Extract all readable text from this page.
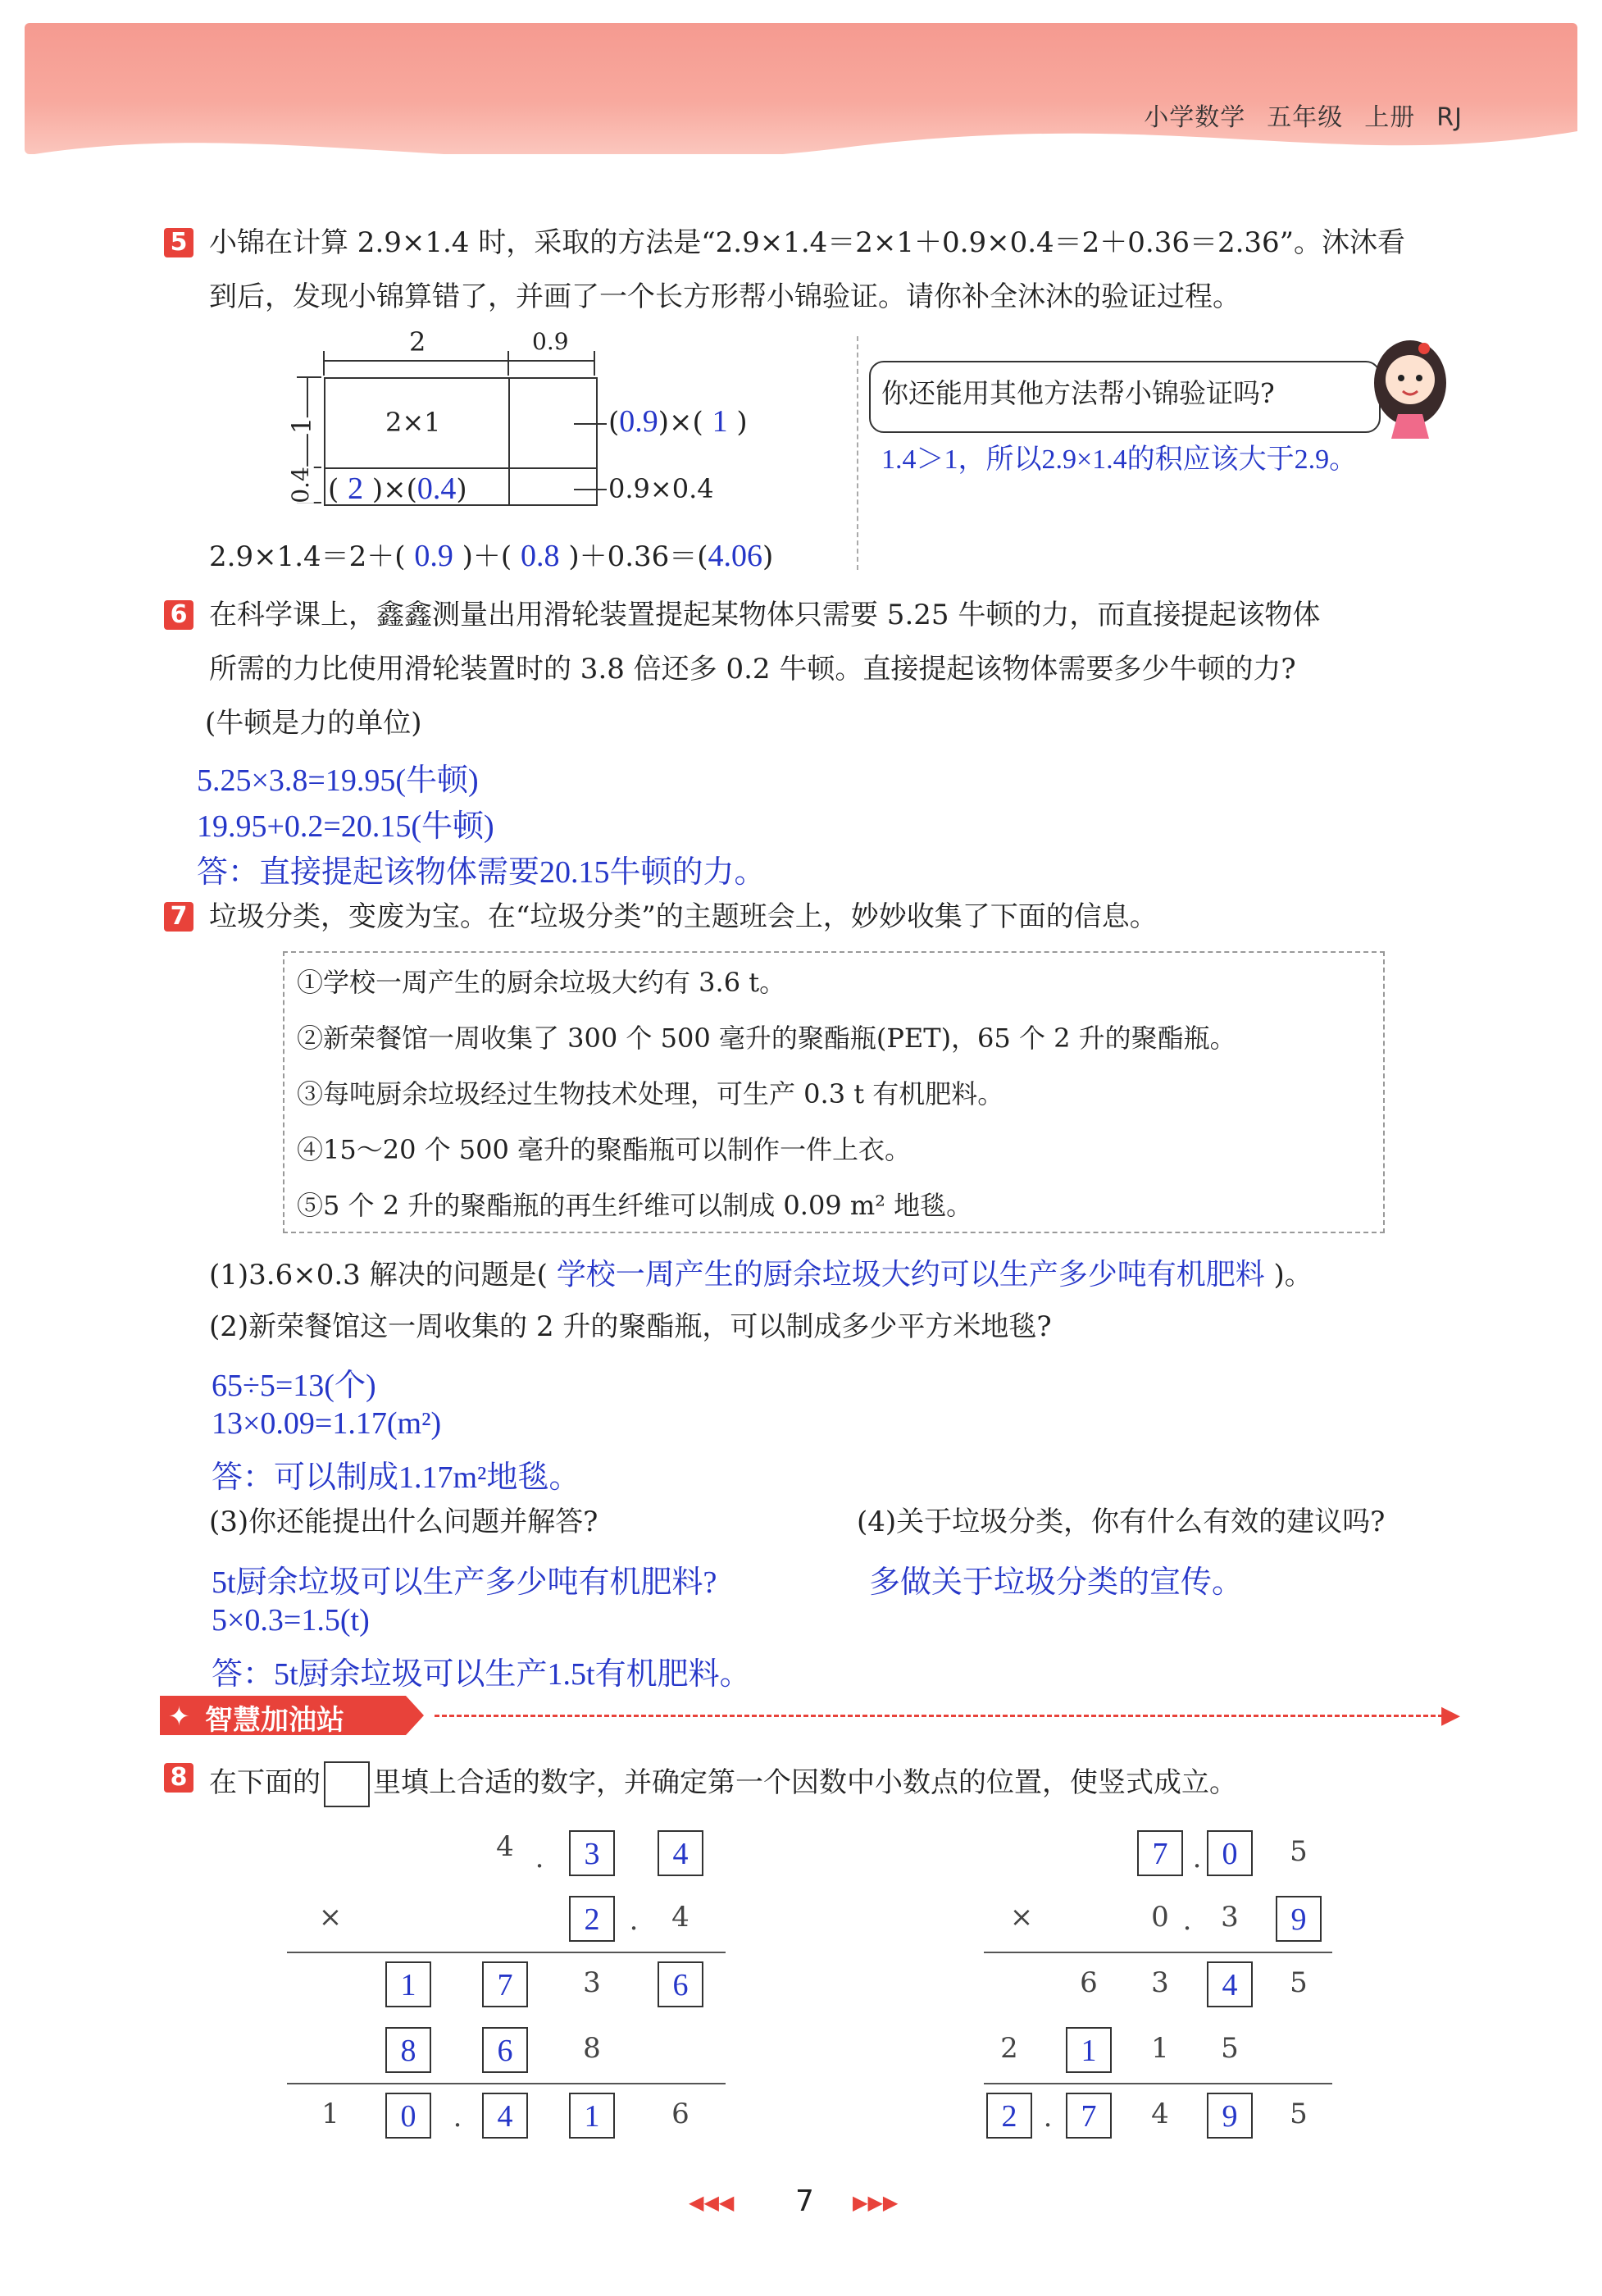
小学数学 五年级 上册 RJ
5 小锦在计算 2.9×1.4 时，采取的方法是“2.9×1.4＝2×1＋0.9×0.4＝2＋0.36＝2.36”。沐沐看
到后，发现小锦算错了，并画了一个长方形帮小锦验证。请你补全沐沐的验证过程。
2	0.9
1
0.4
2×1	(0.9)×( 1 )
( 2 )×(0.4)	0.9×0.4
2.9×1.4＝2＋( 0.9 )＋( 0.8 )＋0.36＝(4.06)
你还能用其他方法帮小锦验证吗?
1.4＞1，所以2.9×1.4的积应该大于2.9。
6 在科学课上，鑫鑫测量出用滑轮装置提起某物体只需要 5.25 牛顿的力，而直接提起该物体
所需的力比使用滑轮装置时的 3.8 倍还多 0.2 牛顿。直接提起该物体需要多少牛顿的力?
(牛顿是力的单位)
5.25×3.8=19.95(牛顿)
19.95+0.2=20.15(牛顿)
答：直接提起该物体需要20.15牛顿的力。
7 垃圾分类，变废为宝。在“垃圾分类”的主题班会上，妙妙收集了下面的信息。
①学校一周产生的厨余垃圾大约有 3.6 t。
②新荣餐馆一周收集了 300 个 500 毫升的聚酯瓶(PET)，65 个 2 升的聚酯瓶。
③每吨厨余垃圾经过生物技术处理，可生产 0.3 t 有机肥料。
④15～20 个 500 毫升的聚酯瓶可以制作一件上衣。
⑤5 个 2 升的聚酯瓶的再生纤维可以制成 0.09 m² 地毯。
(1)3.6×0.3 解决的问题是( 学校一周产生的厨余垃圾大约可以生产多少吨有机肥料 )。
(2)新荣餐馆这一周收集的 2 升的聚酯瓶，可以制成多少平方米地毯?
65÷5=13(个)
13×0.09=1.17(m²)
答：可以制成1.17m²地毯。
(3)你还能提出什么问题并解答?	(4)关于垃圾分类，你有什么有效的建议吗?
5t厨余垃圾可以生产多少吨有机肥料?	多做关于垃圾分类的宣传。
5×0.3=1.5(t)
答：5t厨余垃圾可以生产1.5t有机肥料。
✦ 智慧加油站	▶
8 在下面的 里填上合适的数字，并确定第一个因数中小数点的位置，使竖式成立。
4 .	3	4
×	2	.	4
1	7	3	6
8	6	8
1	0	.	4	1	6
7 . 0	5
×	0 .	3	9
6	3	4	5
2	1	1	5
2 . 7	4	9	5
◀◀◀ 7 ▶▶▶
